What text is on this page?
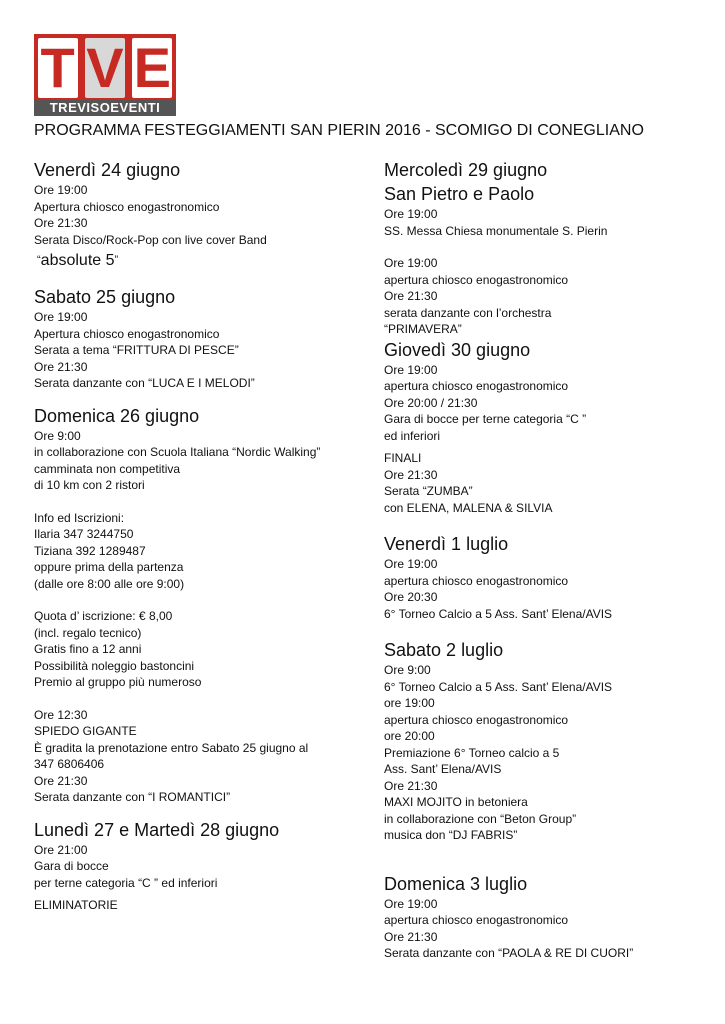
T V E
TREVISOEVENTI
PROGRAMMA FESTEGGIAMENTI SAN PIERIN 2016 - SCOMIGO DI CONEGLIANO
Venerdì 24 giugno
Ore 19:00
Apertura chiosco enogastronomico
Ore 21:30
Serata Disco/Rock-Pop con live cover Band
“absolute 5”
Sabato 25 giugno
Ore 19:00
Apertura chiosco enogastronomico
Serata a tema “FRITTURA DI PESCE”
Ore 21:30
Serata danzante con “LUCA E I MELODI”
Domenica 26 giugno
Ore 9:00
in collaborazione con Scuola Italiana “Nordic Walking”
camminata non competitiva
di 10 km con 2 ristori
Info ed Iscrizioni:
Ilaria 347 3244750
Tiziana 392 1289487
oppure prima della partenza
(dalle ore 8:00 alle ore 9:00)
Quota d’ iscrizione: € 8,00
(incl. regalo tecnico)
Gratis fino a 12 anni
Possibilità noleggio bastoncini
Premio al gruppo più numeroso
Ore 12:30
SPIEDO GIGANTE
È gradita la prenotazione entro Sabato 25 giugno al
347 6806406
Ore 21:30
Serata danzante con “I ROMANTICI”
Lunedì 27 e Martedì 28 giugno
Ore 21:00
Gara di bocce
per terne categoria “C ” ed inferiori
ELIMINATORIE
Mercoledì 29 giugno
San Pietro e Paolo
Ore 19:00
SS. Messa Chiesa monumentale S. Pierin
Ore 19:00
apertura chiosco enogastronomico
Ore 21:30
serata danzante con l’orchestra
“PRIMAVERA”
Giovedì 30 giugno
Ore 19:00
apertura chiosco enogastronomico
Ore 20:00 / 21:30
Gara di bocce per terne categoria “C ”
ed inferiori
FINALI
Ore 21:30
Serata “ZUMBA”
con ELENA, MALENA & SILVIA
Venerdì 1 luglio
Ore 19:00
apertura chiosco enogastronomico
Ore 20:30
6° Torneo Calcio a 5 Ass. Sant’ Elena/AVIS
Sabato 2 luglio
Ore 9:00
6° Torneo Calcio a 5 Ass. Sant’ Elena/AVIS
ore 19:00
apertura chiosco enogastronomico
ore 20:00
Premiazione 6° Torneo calcio a 5
Ass. Sant’ Elena/AVIS
Ore 21:30
MAXI MOJITO in betoniera
in collaborazione con “Beton Group”
musica don “DJ FABRIS”
Domenica 3 luglio
Ore 19:00
apertura chiosco enogastronomico
Ore 21:30
Serata danzante con “PAOLA & RE DI CUORI”
